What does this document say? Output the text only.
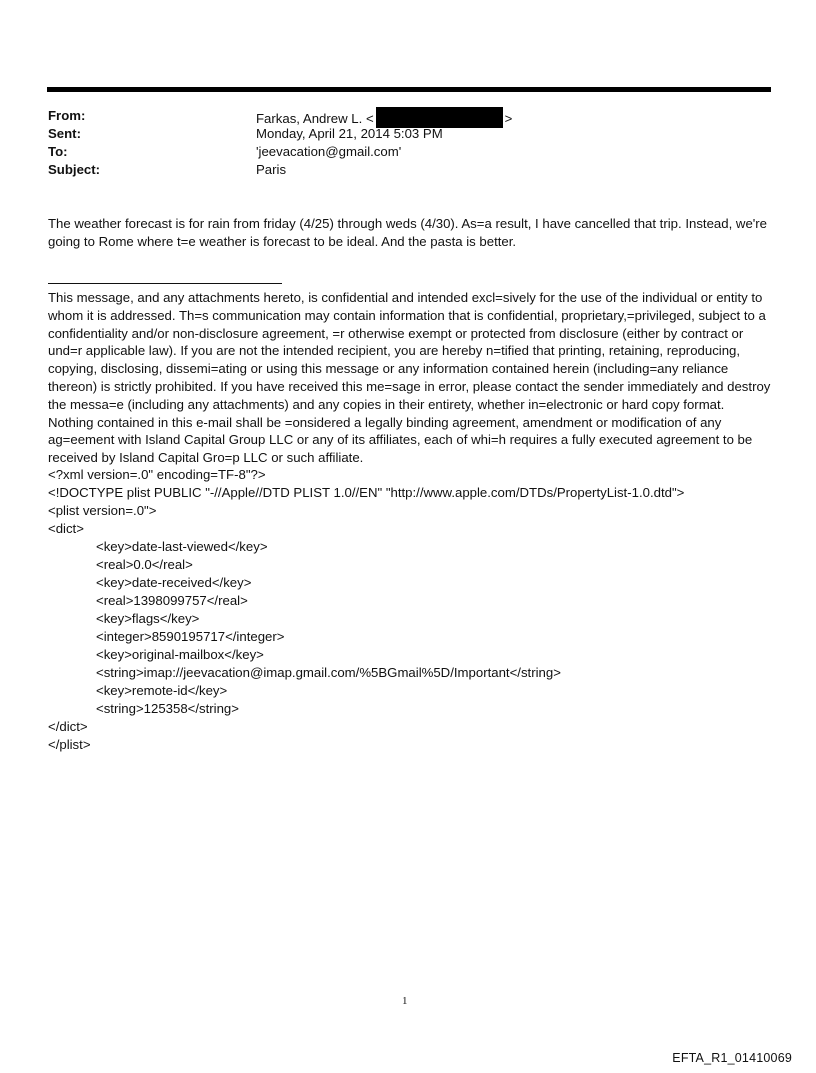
From:	Farkas, Andrew L. <	>
Sent:	Monday, April 21, 2014 5:03 PM
To:	'jeevacation@gmail.com'
Subject:	Paris

The weather forecast is for rain from friday (4/25) through weds (4/30). As=a result, I have cancelled that trip. Instead, we're going to Rome where t=e weather is forecast to be ideal. And the pasta is better.

This message, and any attachments hereto, is confidential and intended excl=sively for the use of the individual or entity to whom it is addressed. Th=s communication may contain information that is confidential, proprietary,=privileged, subject to a confidentiality and/or non-disclosure agreement, =r otherwise exempt or protected from disclosure (either by contract or und=r applicable law). If you are not the intended recipient, you are hereby n=tified that printing, retaining, reproducing, copying, disclosing, dissemi=ating or using this message or any information contained herein (including=any reliance thereon) is strictly prohibited. If you have received this me=sage in error, please contact the sender immediately and destroy the messa=e (including any attachments) and any copies in their entirety, whether in=electronic or hard copy format. Nothing contained in this e-mail shall be =onsidered a legally binding agreement, amendment or modification of any ag=eement with Island Capital Group LLC or any of its affiliates, each of whi=h requires a fully executed agreement to be received by Island Capital Gro=p LLC or such affiliate.

<?xml version=.0" encoding=TF-8"?>
<!DOCTYPE plist PUBLIC "-//Apple//DTD PLIST 1.0//EN" "http://www.apple.com/DTDs/PropertyList-1.0.dtd">
<plist version=.0">
<dict>
<key>date-last-viewed</key>
<real>0.0</real>
<key>date-received</key>
<real>1398099757</real>
<key>flags</key>
<integer>8590195717</integer>
<key>original-mailbox</key>
<string>imap://jeevacation@imap.gmail.com/%5BGmail%5D/Important</string>
<key>remote-id</key>
<string>125358</string>
</dict>
</plist>
1
EFTA_R1_01410069
